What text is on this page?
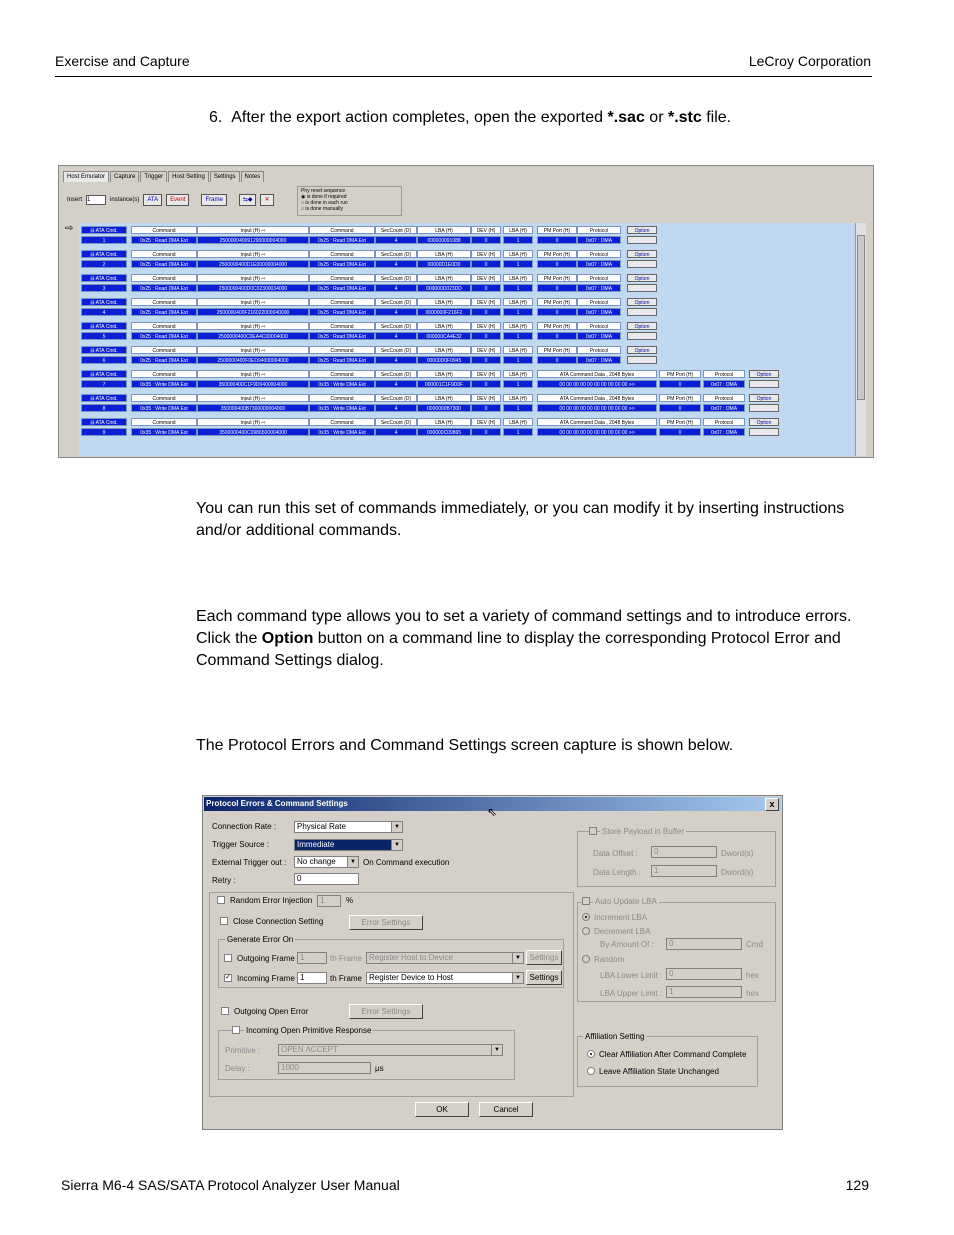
Exercise and Capture	LeCroy Corporation
6. After the export action completes, open the exported *.sac or *.stc file.
Host Emulator	Capture	Trigger	Host Setting	Settings	Notes
Insert 1	instance(s)	ATA	Event	Frame	⇆◆	✕
Phy reset sequence
◉ is done if required
○ is done in each run
○ is done manually
⇨	⊟ ATA Cmd.	Command	Input (H) ⇨	Command	SecCount (D)	LBA (H)	DEV (H)	LBA (H)	PM Port (H)	Protocol	Option
1	0x25 : Read DMA Ext	250000040091290000004000	0x25 : Read DMA Ext	4	000000091088	0	1	0	0x07 : DMA
⊟ ATA Cmd.	Command	Input (H) ⇨	Command	SecCount (D)	LBA (H)	DEV (H)	LBA (H)	PM Port (H)	Protocol	Option
2	0x25 : Read DMA Ext	2500000400D1E00000004000	0x25 : Read DMA Ext	4	00000D1E0D0	0	1	0	0x07 : DMA
⊟ ATA Cmd.	Command	Input (H) ⇨	Command	SecCount (D)	LBA (H)	DEV (H)	LBA (H)	PM Port (H)	Protocol	Option
3	0x25 : Read DMA Ext	2500000400D0C02300034000	0x25 : Read DMA Ext	4	000000D023DD	0	1	0	0x07 : DMA
⊟ ATA Cmd.	Command	Input (H) ⇨	Command	SecCount (D)	LBA (H)	DEV (H)	LBA (H)	PM Port (H)	Protocol	Option
4	0x25 : Read DMA Ext	2500000400F216022000040000	0x25 : Read DMA Ext	4	0000000F216F2	0	1	0	0x07 : DMA
⊟ ATA Cmd.	Command	Input (H) ⇨	Command	SecCount (D)	LBA (H)	DEV (H)	LBA (H)	PM Port (H)	Protocol	Option
5	0x25 : Read DMA Ext	2500000400C0EA4C00004000	0x25 : Read DMA Ext	4	000000CA4E32	0	1	0	0x07 : DMA
⊟ ATA Cmd.	Command	Input (H) ⇨	Command	SecCount (D)	LBA (H)	DEV (H)	LBA (H)	PM Port (H)	Protocol	Option
6	0x25 : Read DMA Ext	2500000400F0ED94000004000	0x25 : Read DMA Ext	4	00000D0F0945	0	1	0	0x07 : DMA
⊟ ATA Cmd.	Command	Input (H) ⇨	Command	SecCount (D)	LBA (H)	DEV (H)	LBA (H)	ATA Command Data , 2048 Bytes	PM Port (H)	Protocol	Option
7	0x35 : Write DMA Ext	350000400C1F9D0400004000	0x35 : Write DMA Ext	4	000001C1F9D0F	0	1	00 00 00 00 00 00 00 00 00 00 >>	0	0x07 : DMA
⊟ ATA Cmd.	Command	Input (H) ⇨	Command	SecCount (D)	LBA (H)	DEV (H)	LBA (H)	ATA Command Data , 2048 Bytes	PM Port (H)	Protocol	Option
8	0x35 : Write DMA Ext	350000400B7300000004000	0x35 : Write DMA Ext	4	0000000B7300	0	1	00 00 00 00 00 00 00 00 00 00 >>	0	0x07 : DMA
⊟ ATA Cmd.	Command	Input (H) ⇨	Command	SecCount (D)	LBA (H)	DEV (H)	LBA (H)	ATA Command Data , 2048 Bytes	PM Port (H)	Protocol	Option
9	0x35 : Write DMA Ext	3500000400C0986500004000	0x35 : Write DMA Ext	4	000000C09865	0	1	00 00 00 00 00 00 00 00 00 00 >>	0	0x07 : DMA
You can run this set of commands immediately, or you can modify it by inserting instructions and/or additional commands.
Each command type allows you to set a variety of command settings and to introduce errors. Click the Option button on a command line to display the corresponding Protocol Error and Command Settings dialog.
The Protocol Errors and Command Settings screen capture is shown below.
Protocol Errors & Command Settings	x
⇖
Connection Rate :	Physical Rate	▼
Trigger Source :	Immediate	▼
External Trigger out :	No change	▼ On Command execution
Retry :	0
Random Error Injection 1	%
Close Connection Setting	Error Settings
Generate Error On
Outgoing Frame 1	th Frame Register Host to Device	▼	Settings
✓ Incoming Frame 1	th Frame Register Device to Host	▼	Settings
Outgoing Open Error	Error Settings
Incoming Open Primitive Response
Primitive :	OPEN ACCEPT	▼
Delay :	1000	µs
Store Payload in Buffer
Data Offset :	0	Dword(s)
Data Length :	1	Dword(s)
Auto Update LBA
Increment LBA
Decrement LBA
By Amount Of :	0	Cmd
Random
LBA Lower Limit : 0	hex
LBA Upper Limit : 1	hex
Affiliation Setting
Clear Affiliation After Command Complete
Leave Affiliation State Unchanged
OK	Cancel
Sierra M6-4 SAS/SATA Protocol Analyzer User Manual	129
